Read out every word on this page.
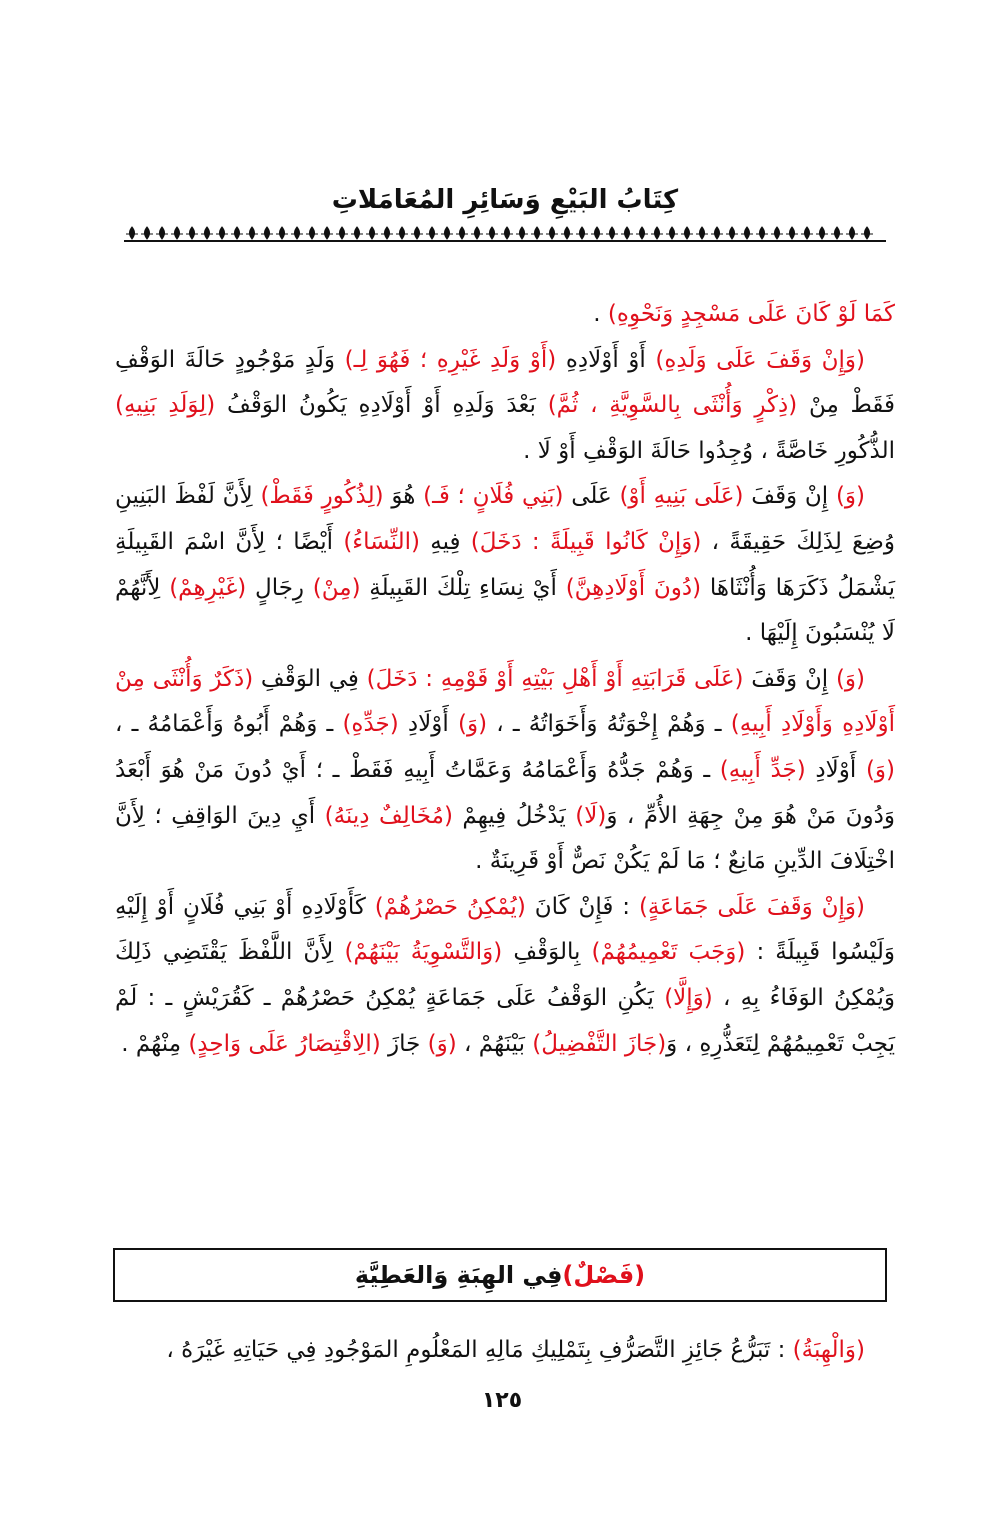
كِتَابُ البَيْعِ وَسَائِرِ المُعَامَلاتِ

كَمَا لَوْ كَانَ عَلَى مَسْجِدٍ وَنَحْوِهِ) .

(وَإِنْ وَقَفَ عَلَى وَلَدِهِ) أَوْ أَوْلَادِهِ (أَوْ وَلَدِ غَيْرِهِ ؛ فَهُوَ لِـ) وَلَدٍ مَوْجُودٍ حَالَةَ الوَقْفِ فَقَطْ مِنْ (ذِكْرٍ وَأُنْثَى بِالسَّوِيَّةِ ، ثُمَّ) بَعْدَ وَلَدِهِ أَوْ أَوْلَادِهِ يَكُونُ الوَقْفُ (لِوَلَدِ بَنِيهِ) الذُّكُورِ خَاصَّةً ، وُجِدُوا حَالَةَ الوَقْفِ أَوْ لَا .

(وَ) إِنْ وَقَفَ (عَلَى بَنِيهِ أَوْ) عَلَى (بَنِي فُلَانٍ ؛ فَـ) هُوَ (لِذُكُورٍ فَقَطْ) لِأَنَّ لَفْظَ البَنِينِ وُضِعَ لِذَلِكَ حَقِيقَةً ، (وَإِنْ كَانُوا قَبِيلَةً : دَخَلَ) فِيهِ (النِّسَاءُ) أَيْضًا ؛ لِأَنَّ اسْمَ القَبِيلَةِ يَشْمَلُ ذَكَرَهَا وَأُنْثَاهَا (دُونَ أَوْلَادِهِنَّ) أَيْ نِسَاءِ تِلْكَ القَبِيلَةِ (مِنْ) رِجَالٍ (غَيْرِهِمْ) لِأَنَّهُمْ لَا يُنْسَبُونَ إِلَيْهَا .

(وَ) إِنْ وَقَفَ (عَلَى قَرَابَتِهِ أَوْ أَهْلِ بَيْتِهِ أَوْ قَوْمِهِ : دَخَلَ) فِي الوَقْفِ (ذَكَرٌ وَأُنْثَى مِنْ أَوْلَادِهِ وَأَوْلَادِ أَبِيهِ) ـ وَهُمْ إِخْوَتُهُ وَأَخَوَاتُهُ ـ ، (وَ) أَوْلَادِ (جَدِّهِ) ـ وَهُمْ أَبُوهُ وَأَعْمَامُهُ ـ ، (وَ) أَوْلَادِ (جَدِّ أَبِيهِ) ـ وَهُمْ جَدُّهُ وَأَعْمَامُهُ وَعَمَّاتُ أَبِيهِ فَقَطْ ـ ؛ أَيْ دُونَ مَنْ هُوَ أَبْعَدُ وَدُونَ مَنْ هُوَ مِنْ جِهَةِ الأُمِّ ، وَ(لَا) يَدْخُلُ فِيهِمْ (مُخَالِفٌ دِينَهُ) أَيِ دِينَ الوَاقِفِ ؛ لِأَنَّ اخْتِلَافَ الدِّينِ مَانِعٌ ؛ مَا لَمْ يَكُنْ نَصٌّ أَوْ قَرِينَةٌ .

(وَإِنْ وَقَفَ عَلَى جَمَاعَةٍ) : فَإِنْ كَانَ (يُمْكِنُ حَصْرُهُمْ) كَأَوْلَادِهِ أَوْ بَنِي فُلَانٍ أَوْ إِلَيْهِ وَلَيْسُوا قَبِيلَةً : (وَجَبَ تَعْمِيمُهُمْ) بِالوَقْفِ (وَالتَّسْوِيَةُ بَيْنَهُمْ) لِأَنَّ اللَّفْظَ يَقْتَضِي ذَلِكَ وَيُمْكِنُ الوَفَاءُ بِهِ ، (وَإِلَّا) يَكُنِ الوَقْفُ عَلَى جَمَاعَةٍ يُمْكِنُ حَصْرُهُمْ ـ كَقُرَيْشٍ ـ : لَمْ يَجِبْ تَعْمِيمُهُمْ لِتَعَذُّرِهِ ، وَ(جَازَ التَّفْضِيلُ) بَيْنَهُمْ ، (وَ) جَازَ (الِاقْتِصَارُ عَلَى وَاحِدٍ) مِنْهُمْ .

(فَصْلٌ)
فِي الهِبَةِ وَالعَطِيَّةِ
(وَالْهِبَةُ) : تَبَرُّعُ جَائِزِ التَّصَرُّفِ بِتَمْلِيكِ مَالِهِ المَعْلُومِ المَوْجُودِ فِي حَيَاتِهِ غَيْرَهُ ،
١٢٥
